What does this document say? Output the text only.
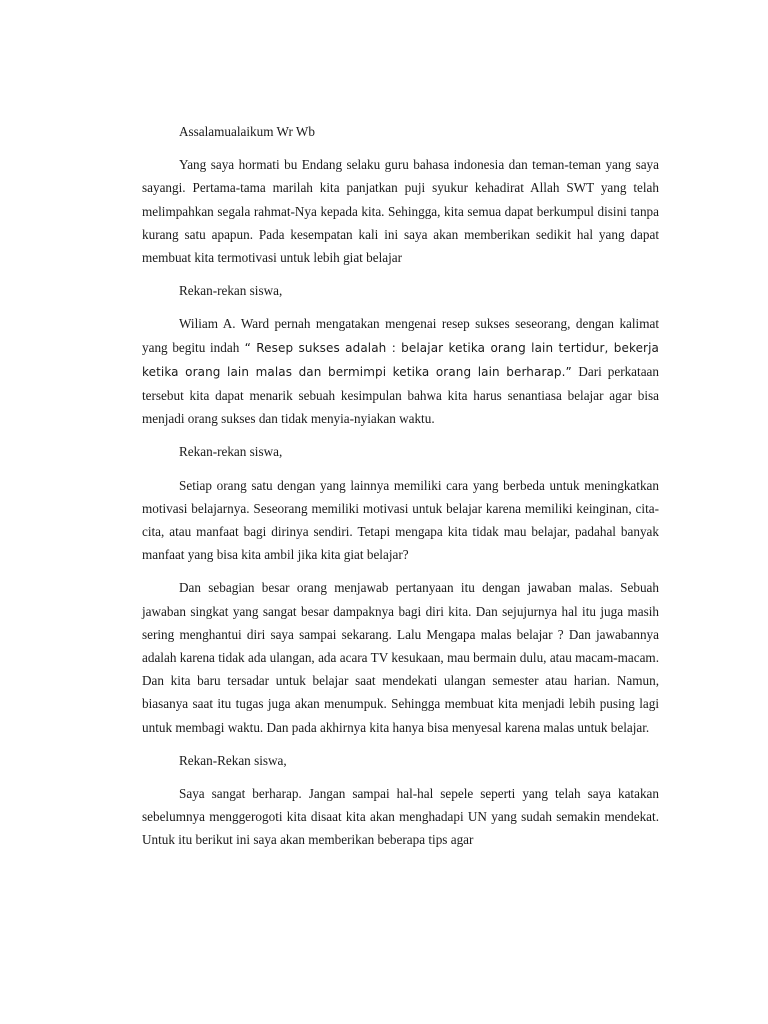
Assalamualaikum Wr Wb

Yang saya hormati bu Endang selaku guru bahasa indonesia dan teman-teman yang saya sayangi. Pertama-tama marilah kita panjatkan puji syukur kehadirat Allah SWT yang telah melimpahkan segala rahmat-Nya kepada kita. Sehingga, kita semua dapat berkumpul disini tanpa kurang satu apapun. Pada kesempatan kali ini saya akan memberikan sedikit hal yang dapat membuat kita termotivasi untuk lebih giat belajar

Rekan-rekan siswa,

Wiliam A. Ward pernah mengatakan mengenai resep sukses seseorang, dengan kalimat yang begitu indah “ Resep sukses adalah : belajar ketika orang lain tertidur, bekerja ketika orang lain malas dan bermimpi ketika orang lain berharap.” Dari perkataan tersebut kita dapat menarik sebuah kesimpulan bahwa kita harus senantiasa belajar agar bisa menjadi orang sukses dan tidak menyia-nyiakan waktu.

Rekan-rekan siswa,

Setiap orang satu dengan yang lainnya memiliki cara yang berbeda untuk meningkatkan motivasi belajarnya. Seseorang memiliki motivasi untuk belajar karena memiliki keinginan, cita-cita, atau manfaat bagi dirinya sendiri. Tetapi mengapa kita tidak mau belajar, padahal banyak manfaat yang bisa kita ambil jika kita giat belajar?

Dan sebagian besar orang menjawab pertanyaan itu dengan jawaban malas. Sebuah jawaban singkat yang sangat besar dampaknya bagi diri kita. Dan sejujurnya hal itu juga masih sering menghantui diri saya sampai sekarang. Lalu Mengapa malas belajar ? Dan jawabannya adalah karena tidak ada ulangan, ada acara TV kesukaan, mau bermain dulu, atau macam-macam. Dan kita baru tersadar untuk belajar saat mendekati ulangan semester atau harian. Namun, biasanya saat itu tugas juga akan menumpuk. Sehingga membuat kita menjadi lebih pusing lagi untuk membagi waktu. Dan pada akhirnya kita hanya bisa menyesal karena malas untuk belajar.

Rekan-Rekan siswa,

Saya sangat berharap. Jangan sampai hal-hal sepele seperti yang telah saya katakan sebelumnya menggerogoti kita disaat kita akan menghadapi UN yang sudah semakin mendekat. Untuk itu berikut ini saya akan memberikan beberapa tips agar
